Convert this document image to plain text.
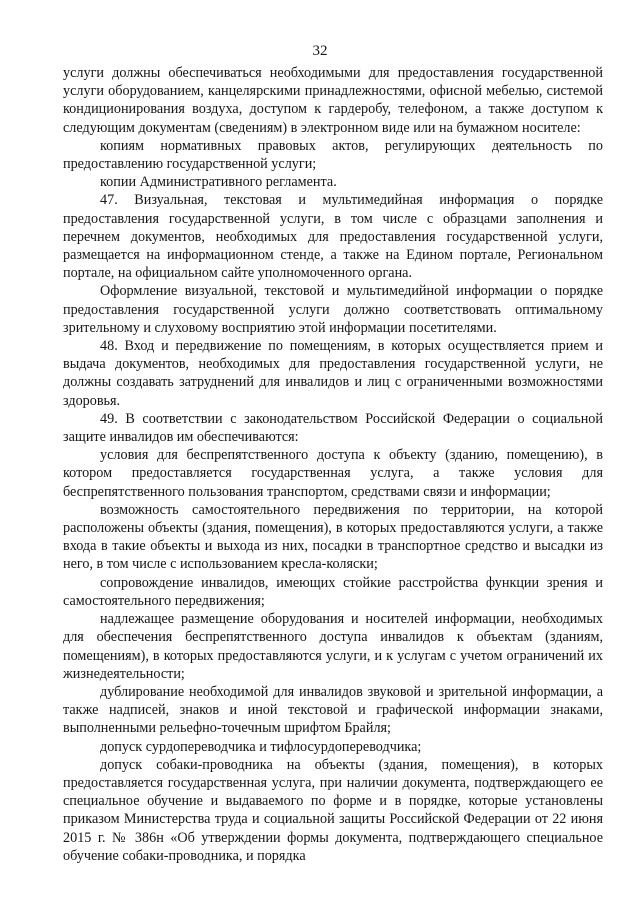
32

услуги должны обеспечиваться необходимыми для предоставления государственной услуги оборудованием, канцелярскими принадлежностями, офисной мебелью, системой кондиционирования воздуха, доступом к гардеробу, телефоном, а также доступом к следующим документам (сведениям) в электронном виде или на бумажном носителе:

копиям нормативных правовых актов, регулирующих деятельность по предоставлению государственной услуги;

копии Административного регламента.

47. Визуальная, текстовая и мультимедийная информация о порядке предоставления государственной услуги, в том числе с образцами заполнения и перечнем документов, необходимых для предоставления государственной услуги, размещается на информационном стенде, а также на Едином портале, Региональном портале, на официальном сайте уполномоченного органа.

Оформление визуальной, текстовой и мультимедийной информации о порядке предоставления государственной услуги должно соответствовать оптимальному зрительному и слуховому восприятию этой информации посетителями.

48. Вход и передвижение по помещениям, в которых осуществляется прием и выдача документов, необходимых для предоставления государственной услуги, не должны создавать затруднений для инвалидов и лиц с ограниченными возможностями здоровья.

49. В соответствии с законодательством Российской Федерации о социальной защите инвалидов им обеспечиваются:

условия для беспрепятственного доступа к объекту (зданию, помещению), в котором предоставляется государственная услуга, а также условия для беспрепятственного пользования транспортом, средствами связи и информации;

возможность самостоятельного передвижения по территории, на которой расположены объекты (здания, помещения), в которых предоставляются услуги, а также входа в такие объекты и выхода из них, посадки в транспортное средство и высадки из него, в том числе с использованием кресла-коляски;

сопровождение инвалидов, имеющих стойкие расстройства функции зрения и самостоятельного передвижения;

надлежащее размещение оборудования и носителей информации, необходимых для обеспечения беспрепятственного доступа инвалидов к объектам (зданиям, помещениям), в которых предоставляются услуги, и к услугам с учетом ограничений их жизнедеятельности;

дублирование необходимой для инвалидов звуковой и зрительной информации, а также надписей, знаков и иной текстовой и графической информации знаками, выполненными рельефно-точечным шрифтом Брайля;

допуск сурдопереводчика и тифлосурдопереводчика;

допуск собаки-проводника на объекты (здания, помещения), в которых предоставляется государственная услуга, при наличии документа, подтверждающего ее специальное обучение и выдаваемого по форме и в порядке, которые установлены приказом Министерства труда и социальной защиты Российской Федерации от 22 июня 2015 г. № 386н «Об утверждении формы документа, подтверждающего специальное обучение собаки-проводника, и порядка
